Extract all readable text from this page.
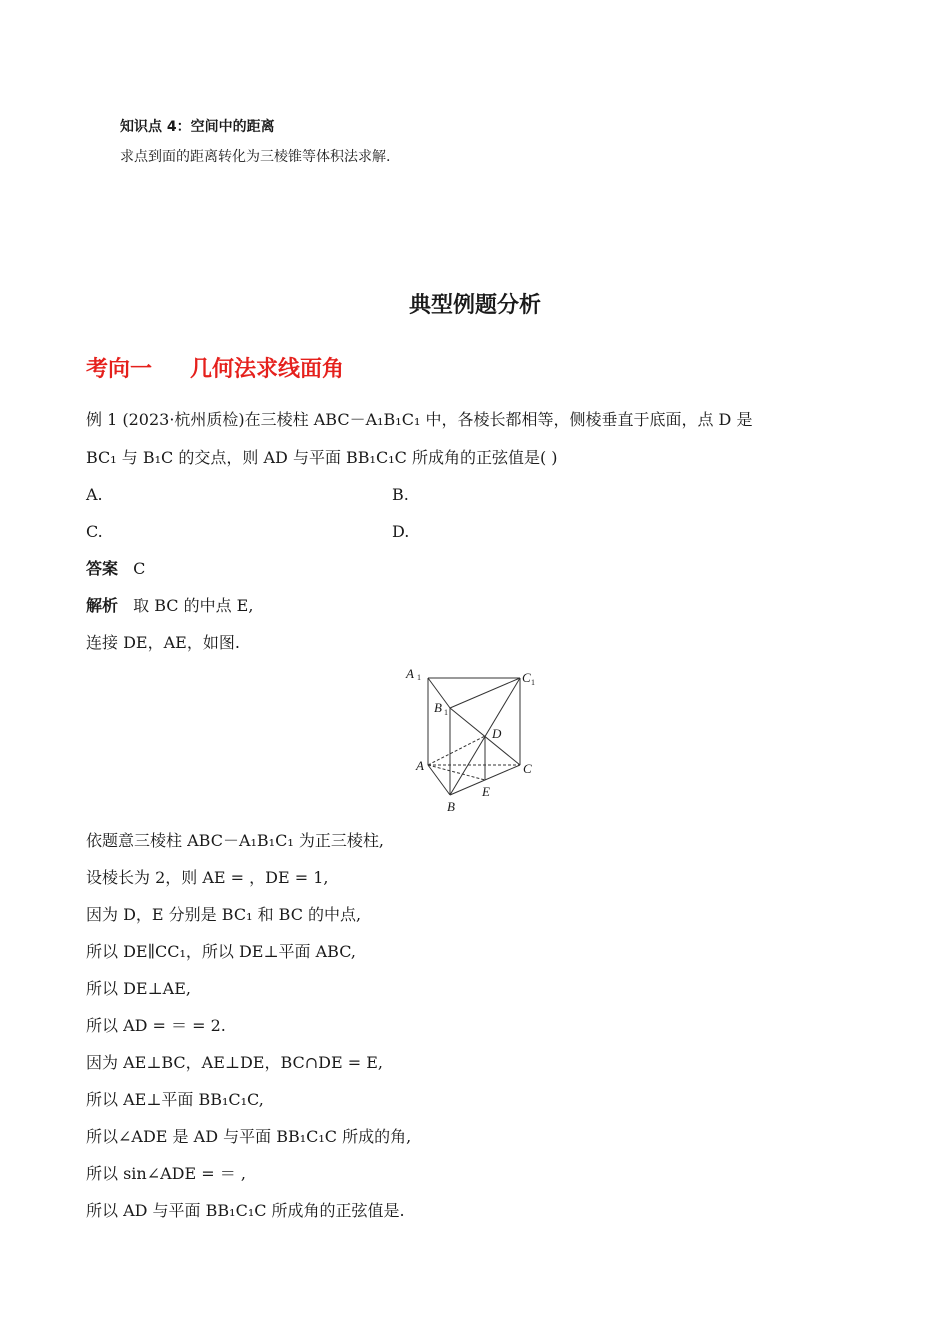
知识点 4：空间中的距离
求点到面的距离转化为三棱锥等体积法求解.
典型例题分析
考向一 几何法求线面角
例 1 (2023·杭州质检)在三棱柱 ABC－A₁B₁C₁ 中，各棱长都相等，侧棱垂直于底面，点 D 是
BC₁ 与 B₁C 的交点，则 AD 与平面 BB₁C₁C 所成角的正弦值是( )
A.	B.
C.	D.
答案 C
解析 取 BC 的中点 E,
连接 DE，AE，如图.
A 1	C 1
B 1
D
A	C
E
B
依题意三棱柱 ABC－A₁B₁C₁ 为正三棱柱,
设棱长为 2，则 AE = ，DE = 1,
因为 D，E 分别是 BC₁ 和 BC 的中点,
所以 DE∥CC₁，所以 DE⊥平面 ABC,
所以 DE⊥AE,
所以 AD = ＝ = 2.
因为 AE⊥BC，AE⊥DE，BC∩DE = E,
所以 AE⊥平面 BB₁C₁C,
所以∠ADE 是 AD 与平面 BB₁C₁C 所成的角,
所以 sin∠ADE = ＝ ,
所以 AD 与平面 BB₁C₁C 所成角的正弦值是.
